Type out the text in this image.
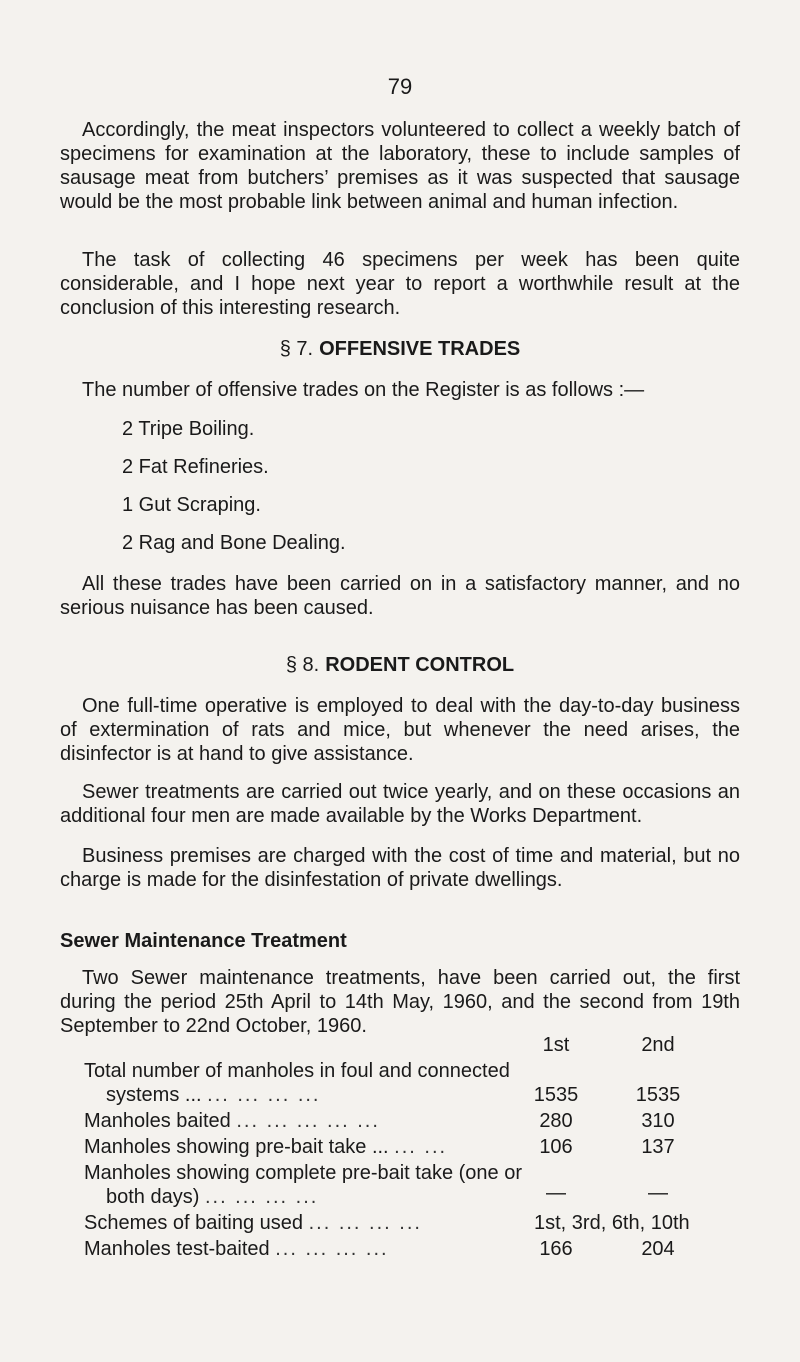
79
Accordingly, the meat inspectors volunteered to collect a weekly batch of specimens for examination at the laboratory, these to include samples of sausage meat from butchers’ premises as it was suspected that sausage would be the most probable link between animal and human infection.
The task of collecting 46 specimens per week has been quite considerable, and I hope next year to report a worthwhile result at the conclusion of this interesting research.
§ 7. OFFENSIVE TRADES
The number of offensive trades on the Register is as follows :—
2 Tripe Boiling.
2 Fat Refineries.
1 Gut Scraping.
2 Rag and Bone Dealing.
All these trades have been carried on in a satisfactory manner, and no serious nuisance has been caused.
§ 8. RODENT CONTROL
One full-time operative is employed to deal with the day-to-day business of extermination of rats and mice, but whenever the need arises, the disinfector is at hand to give assistance.
Sewer treatments are carried out twice yearly, and on these occasions an additional four men are made available by the Works Department.
Business premises are charged with the cost of time and material, but no charge is made for the disinfestation of private dwellings.
Sewer Maintenance Treatment
Two Sewer maintenance treatments, have been carried out, the first during the period 25th April to 14th May, 1960, and the second from 19th September to 22nd October, 1960.
1st	2nd
Total number of manholes in foul and connected
systems ... ... ... ... ...	1535	1535
Manholes baited ... ... ... ... ...	280	310
Manholes showing pre-bait take ... ... ...	106	137
Manholes showing complete pre-bait take (one or
both days) ... ... ... ...	—	—
Schemes of baiting used ... ... ... ...	1st, 3rd, 6th, 10th
Manholes test-baited ... ... ... ...	166	204
